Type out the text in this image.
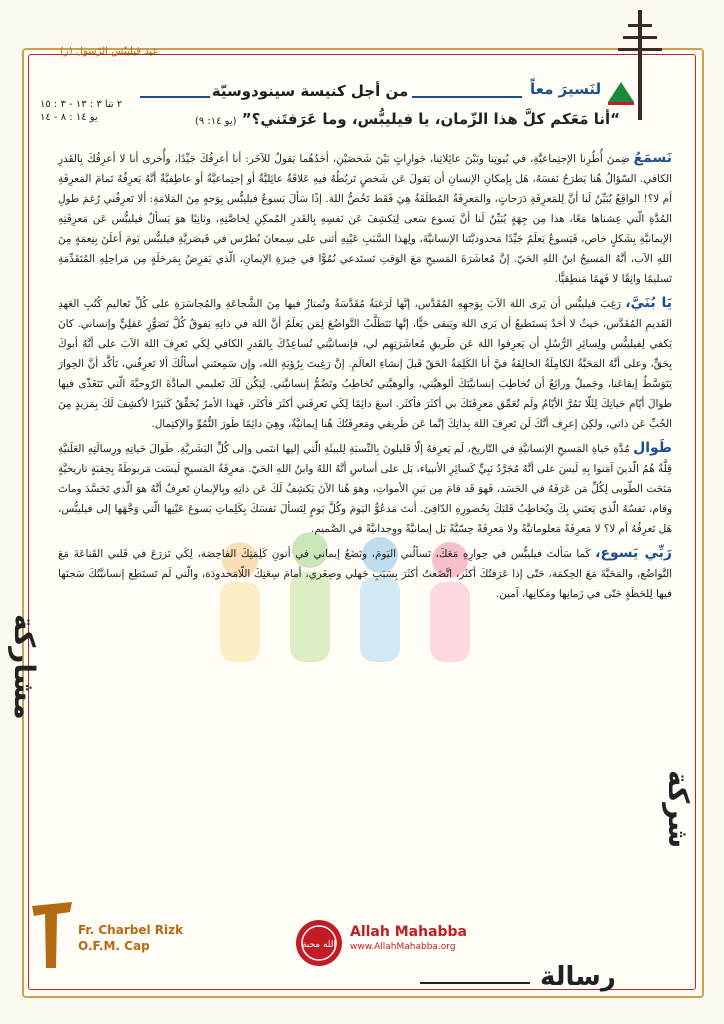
عيد فيليبّس الرّسول (ر)
لنَسيرَ معاً
من أجل كنيسة سينودوسيّة
٢ تنا ٣ : ١٣ - ٣ : ١٥
يو ١٤ : ٨ - ١٤	“أنا مَعَكم كلَّ هذا الزّمان، يا فيليبُّس، وما عَرَفتَني؟” (يو ١٤: ٩)
شركة
مشاركة

نَسمَعُ ضِمنَ أُطُرِنا الإجتِماعيَّةِ، في بُيوتِنا وبَيْنَ عائِلاتِنا، جَوارِاتٍ بَيْنَ شَخصَيْنِ، أحَدُهُما يَقولُ للآخَر: أنا أعرِفُكَ جَيِّدًا، وأُخرى أنا لا أعرِفُكَ بِالقَدرِ الكافي. السّؤالُ هُنا يَطرَحُ نَفسَهُ، هَل بِإمكانِ الإنسانِ أن يَقولَ عَن شَخصٍ تَربُطُهُ فيهِ عَلاقَةٌ عائِليَّةٌ أو إجتِماعيَّةٌ أو عاطِفيَّةٌ أنَّهُ يَعرِفُهُ تَمامَ المَعرِفَةِ أم لا؟! الواقِعُ يُبَيِّنُ لَنا أنَّ لِلمَعرِفَةِ دَرَجاتٍ، والمَعرِفَةُ المُطلَقَةُ هِيَ فَقَط تَخُصُّ اللهَ. إذًا سَألَ يَسوعُ فيليبُّس بِوَجهٍ مِنَ المَلامَةِ: ألا تَعرِفُني رُغمَ طولِ المُدَّةِ الّتي عِشناها مَعًا، هذا مِن جِهَةٍ يُبَيِّنُ لَنا أنَّ يَسوع سَعى لِيَكشِفَ عَن نَفسِهِ بِالقَدرِ المُمكِنِ لِخاصَّتِهِ، وثانِيًا هوَ يَسألُ فيليبُّس عَن مَعرِفَتِهِ الإيمانيَّةِ بِشَكلٍ خاص، فَيَسوعُ يَعلَمُ جَيِّدًا مَحدوديَّتَنا الإنسانيَّةَ، ولِهذا السَّبَبِ عَيْنِهِ أثنى على سِمعانَ بُطرُس في قَيصَريَّةِ فيليبُّس يَومَ أعلَنَ بِنِعمَةٍ مِنَ اللهِ الآب، أنَّهُ المَسيحُ ابنُ اللهِ الحَيّ. إنَّ مُعاشَرَةَ المَسيحِ مَعَ الوَقتِ تَستَدعي نُمُوًّا في خِبرَةِ الإيمانِ، الّذي يَفرِضُ بِمَرحَلَةٍ مِن مَراحِلِهِ المُتَقَدِّمَةِ تَسليمًا واثِقًا لا فَهمًا مَنطِقيًّا.

يَا بُنَيَّ، رَغِبَ فيليبُّس أن يَرى اللهَ الآبَ بِوَجهِهِ المُقَدَّس، إنَّها لَرَغبَةٌ مُقَدَّسَةٌ وتُمتازُ فيها مِنَ الشَّجاعَةِ والمُجاسَرَةِ على كُلِّ تَعاليمِ كُتُبِ العَهدِ القَديمِ المُقَدَّس، حَيثُ لا أحَدٌ يَستَطيعُ أن يَرى اللهَ ويَبقى حَيًّا، إنَّها تَتَطَلَّبُ التَّواضُعَ لِمَن يَعلَمُ أنَّ اللهَ في ذاتِهِ يَفوقُ كُلَّ تَصَوُّرٍ عَقلِيٍّ وإنساني. كانَ يَكفي لِفيليبُّس ولِسائِرِ الرُّسُلِ أن يَعرِفوا اللهَ عَن طَريقِ مُعاشَرَتِهِم لي، فإنسانيَّتي تُساعِدُكَ بِالقَدرِ الكافي لِكَي تَعرِفَ اللهَ الآبَ على أنَّهُ أبوكَ بِحَقٍّ، وعلى أنَّهُ المَحَبَّةُ الكامِلَةُ الخالِقَةُ فيَّ أنا الكَلِمَةُ الحَقّ قَبلَ إنشاءِ العالَمِ. إنَّ رَغِبتَ بِرُؤيَةِ الله، وإن سَمِعتَني أسألُكَ ألا تَعرِفُني، تَأكَّد أنَّ الحِوارَ يَتَوَسَّطُ إيقاعَنا، وجَميلٌ ورائِعٌ أن تُخاطِبَ إنسانيَّتَكَ ألوهيَّتي، وألوهيَّتي تُخاطِبُ وتَضُمُّ إنسانيَّتي. لِيَكُن لَكَ تَعليمي المادَّةَ الرّوحيَّةَ الّتي تَتَغَذّى فيها طوالَ أيّامِ حَياتِكَ لِئَلّا تَمُرَّ الأيّامُ ولَم تُعَمِّق مَعرِفَتَكَ بي أكثَرَ فأكثَر. اسعَ دائِمًا لِكَي تَعرِفَني أكثَرَ فأكثَر، فَهذا الأمرُ يُحَقِّقُ كَثيرًا لأكشِفَ لَكَ بِمَزيدٍ مِنَ الحُبِّ عَن ذاتي، ولكِن إعرِف أنَّكَ لَن تَعرِفَ اللهَ بِذاتِكَ إنَّما عَن طَريقي ومَعرِفَتُكَ هُنا إيمانيَّةٌ، وهِيَ دائِمًا طَورَ النُّمُوِّ والإكتِمال.

طَوال مُدَّةِ حَياةِ المَسيحِ الإنسانيَّةِ في التّاريخ، لَم يَعرِفهُ إلّا قَليلونَ بِالنِّسبَةِ لِلبيئَةِ الّتي إليها انتَمى وإلى كُلِّ البَشَريَّةِ. طَوالَ حَياتِهِ ورِسالَتِهِ العَلَنيَّةِ قِلَّةٌ هُمُ الّذينَ آمَنوا بِهِ لَيسَ على أنَّهُ مُجَرَّدُ نَبِيٍّ كَسائِرِ الأنبياء، بَل على أساسِ أنَّهُ اللهُ وابنُ اللهِ الحَيّ. مَعرِفَةُ المَسيحِ لَيسَت مَربوطَةً بِحِقبَةٍ تاريخيَّةٍ مَنَحَت الطّوبى لِكُلِّ مَن عَرَفَهُ في الجَسَد، فَهوَ قَد قامَ مِن بَينِ الأمواتِ، وهوَ هُنا الآنَ يَكشِفُ لَكَ عَن ذاتِهِ وبِالإيمانِ تَعرِفُ أنَّهُ هوَ الّذي تَجَسَّدَ وماتَ وقام، نَفسُهُ الّذي يَعتَني بِكَ ويُخاطِبُ قَلبَكَ بِحُضورِهِ الدّافِئ. أنتَ مَدعُوٌّ اليَومَ وكُلَّ يَومٍ لِتَسألَ نَفسَكَ بِكَلِماتِ يَسوعَ عَيْنِها الّتي وَجَّهَها إلى فيليبُّس، هَل تَعرِفُهُ أم لا؟ لا مَعرِفَةً مَعلوماتيَّةً ولا مَعرِفَةً حِسّيَّةً بَل إيمانيَّةً ووِجدانيَّةً في الصَّميم.

رَبِّي يَسوع، كَما سَألتَ فيليبُّس في حِوارِهِ مَعَكَ، تَسألُني اليَومَ، وتَضَعُ إيماني في أتونِ كَلِمَتِكَ الفاحِصَة، لِكَي تَزرَعَ في قَلبي القَناعَةَ مَعَ التَّواضُع، والمَحَبَّةَ مَعَ الحِكمَة، حَتّى إذا عَرَفتُكَ أكثَر، اتَّضَعتُ أكثَرَ بِسَبَبِ جَهلي وصِغَري، أمامَ سِعَتِكَ اللّامَحدودَة، والّتي لَم تَستَطِع إنسانيَّتُكَ سَجنَها فيها لِلحَظَةٍ حَتّى في زَمانِها ومَكانِها، آمين.

Fr. Charbel Rizk
O.F.M. Cap	الله محبة
Allah Mahabba
www.AllahMahabba.org
رسالة
